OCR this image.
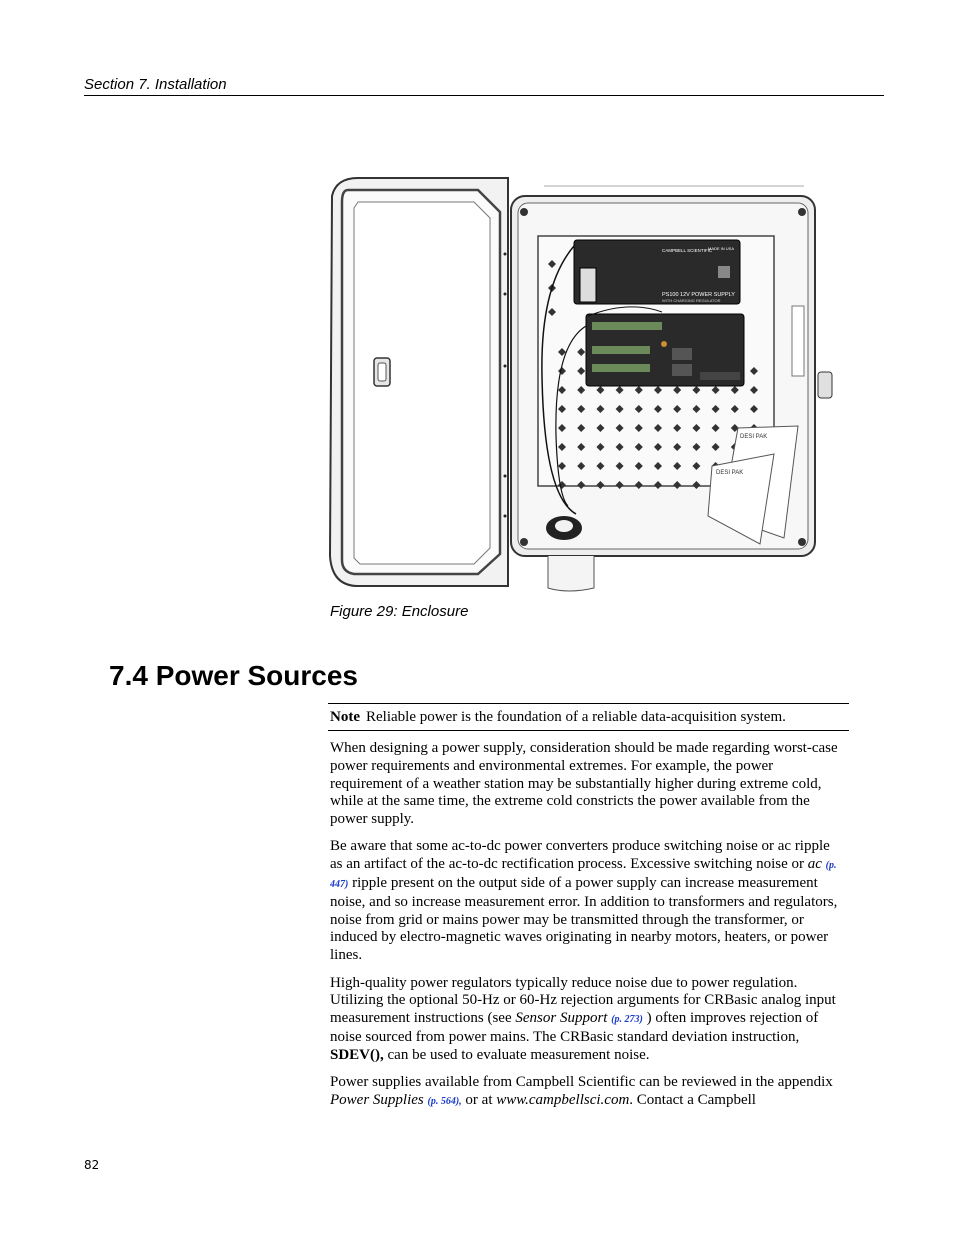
Section 7. Installation
PS100 12V POWER SUPPLY
WITH CHARGING REGULATOR
CAMPBELL SCIENTIFIC
MADE IN USA
DESI PAK
DESI PAK
Figure 29: Enclosure
7.4 Power Sources
Note Reliable power is the foundation of a reliable data-acquisition system.

When designing a power supply, consideration should be made regarding worst-case power requirements and environmental extremes. For example, the power requirement of a weather station may be substantially higher during extreme cold, while at the same time, the extreme cold constricts the power available from the power supply.

Be aware that some ac-to-dc power converters produce switching noise or ac ripple as an artifact of the ac-to-dc rectification process. Excessive switching noise or ac (p. 447) ripple present on the output side of a power supply can increase measurement noise, and so increase measurement error. In addition to transformers and regulators, noise from grid or mains power may be transmitted through the transformer, or induced by electro-magnetic waves originating in nearby motors, heaters, or power lines.

High-quality power regulators typically reduce noise due to power regulation. Utilizing the optional 50-Hz or 60-Hz rejection arguments for CRBasic analog input measurement instructions (see Sensor Support (p. 273) ) often improves rejection of noise sourced from power mains. The CRBasic standard deviation instruction, SDEV(), can be used to evaluate measurement noise.

Power supplies available from Campbell Scientific can be reviewed in the appendix Power Supplies (p. 564), or at www.campbellsci.com. Contact a Campbell

82
